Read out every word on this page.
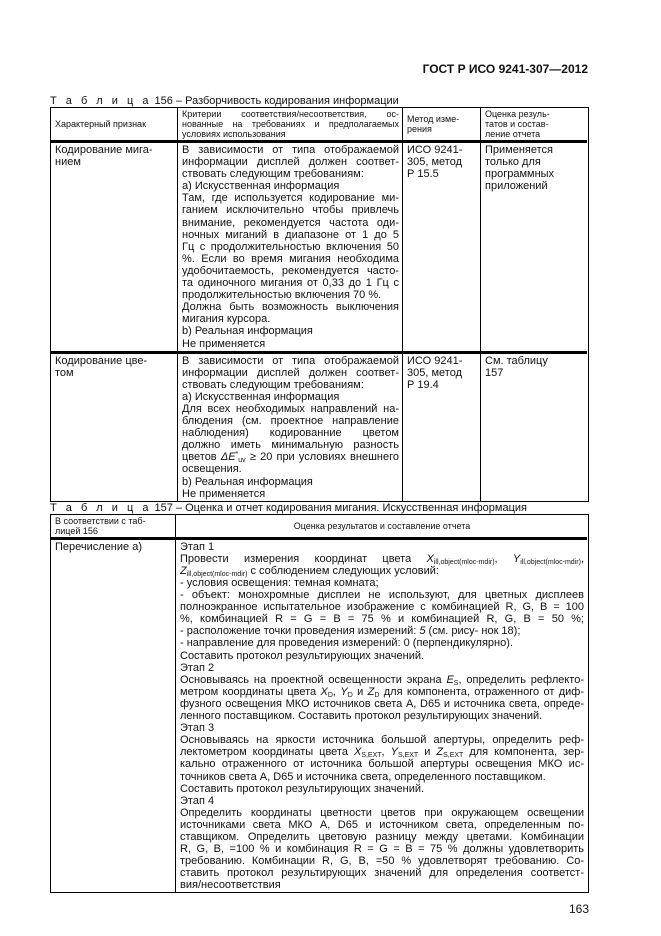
ГОСТ Р ИСО 9241-307—2012
Т а б л и ц а 156 – Разборчивость кодирования информации
Характерный признак
Критерии соответствия/несоответствия, ос-
нованные на требованиях и предполагаемых
условиях использования
Метод изме-
рения
Оценка резуль-
татов и состав-
ление отчета
Кодирование мига-
нием
В зависимости от типа отображаемой
информации дисплей должен соответ-
ствовать следующим требованиям:
а) Искусственная информация
Там, где используется кодирование ми-
ганием исключительно чтобы привлечь
внимание, рекомендуется частота оди-
ночных миганий в диапазоне от 1 до 5
Гц с продолжительностью включения 50
%. Если во время мигания необходима
удобочитаемость, рекомендуется часто-
та одиночного мигания от 0,33 до 1 Гц с
продолжительностью включения 70 %.
Должна быть возможность выключения
мигания курсора.
b) Реальная информация
Не применяется
ИСО 9241-
305, метод
Р 15.5
Применяется
только для
программных
приложений
Кодирование цве-
том
В зависимости от типа отображаемой
информации дисплей должен соответ-
ствовать следующим требованиям:
а) Искусственная информация
Для всех необходимых направлений на-
блюдения (см. проектное направление
наблюдения) кодированние цветом
должно иметь минимальную разность
цветов $\Delta E^*_{uv} \ge 20$ при условиях внешнего
освещения.
b) Реальная информация
Не применяется
ИСО 9241-
305, метод
Р 19.4
См. таблицу
157
Т а б л и ц а 157 – Оценка и отчет кодирования мигания. Искусственная информация
В соответствии с таб-
лицей 156	Оценка результатов и составление отчета
Перечисление а)	Этап 1
Провести измерения координат цвета $X_{ill,object(mloc-mdir)}$, $Y_{ill,object(mloc-mdir)}$,
$Z_{ill,object(mloc-mdir)}$ с соблюдением следующих условий:
- условия освещения: темная комната;
- объект: монохромные дисплеи не используют, для цветных дисплеев
полноэкранное испытательное изображение с комбинацией R, G, B = 100
%, комбинацией R = G = B = 75 % и комбинацией R, G, B = 50 %;
- расположение точки проведения измерений: 5 (см. рису- нок 18);
- направление для проведения измерений: 0 (перпендикулярно).
Составить протокол результирующих значений.
Этап 2
Основываясь на проектной освещенности экрана $E_S$, определить рефлекто-
метром координаты цвета $X_D$, $Y_D$ и $Z_D$ для компонента, отраженного от диф-
фузного освещения МКО источников света А, D65 и источника света, опреде-
ленного поставщиком. Составить протокол результирующих значений.
Этап 3
Основываясь на яркости источника большой апертуры, определить реф-
лектометром координаты цвета $X_{S,EXT}$, $Y_{S,EXT}$ и $Z_{S,EXT}$ для компонента, зер-
кально отраженного от источника большой апертуры освещения МКО ис-
точников света А, D65 и источника света, определенного поставщиком.
Составить протокол результирующих значений.
Этап 4
Определить координаты цветности цветов при окружающем освещении
источниками света МКО А, D65 и источником света, определенным по-
ставщиком. Определить цветовую разницу между цветами. Комбинации
R, G, B, =100 % и комбинация R = G = B = 75 % должны удовлетворить
требованию. Комбинации R, G, B, =50 % удовлетворят требованию. Со-
ставить протокол результирующих значений для определения соответст-
вия/несоответствия
163
